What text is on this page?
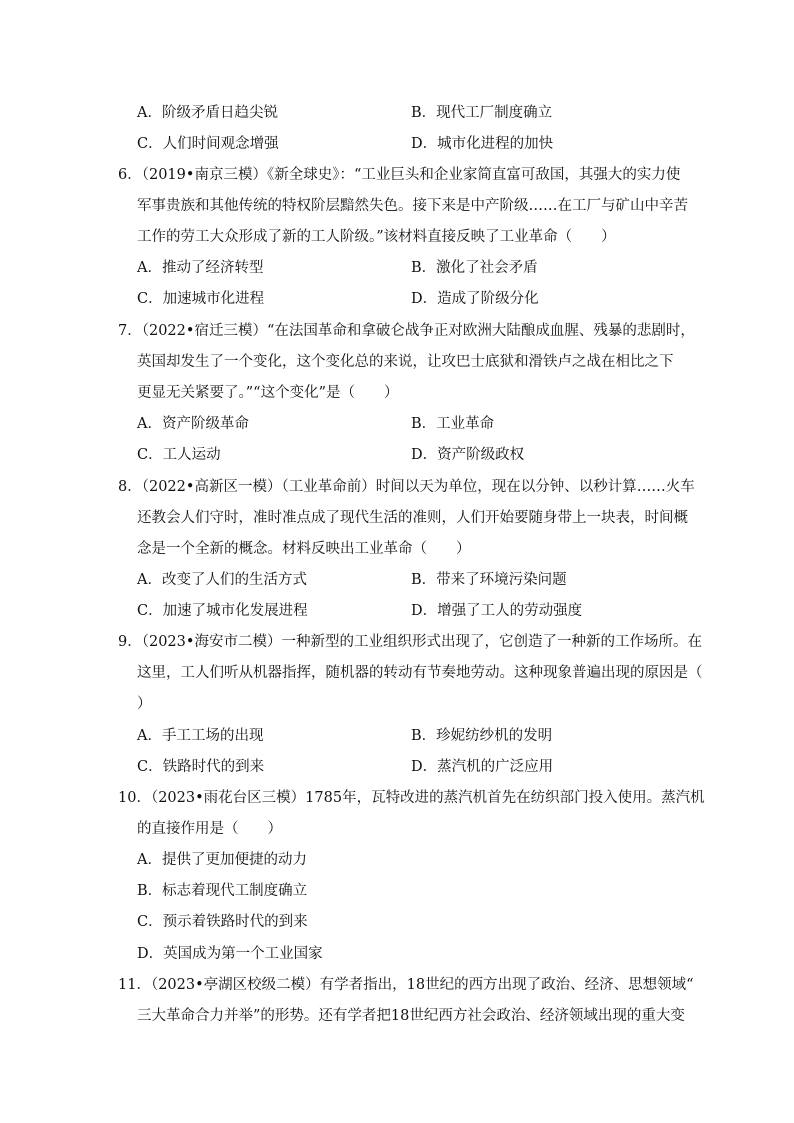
A．阶级矛盾日趋尖锐	B．现代工厂制度确立
C．人们时间观念增强	D．城市化进程的加快
6．（2019•南京三模）《新全球史》：“工业巨头和企业家简直富可敌国，其强大的实力使
军事贵族和其他传统的特权阶层黯然失色。接下来是中产阶级……在工厂与矿山中辛苦
工作的劳工大众形成了新的工人阶级。”该材料直接反映了工业革命（　　）
A．推动了经济转型	B．激化了社会矛盾
C．加速城市化进程	D．造成了阶级分化
7．（2022•宿迁三模）“在法国革命和拿破仑战争正对欧洲大陆酿成血腥、残暴的悲剧时，
英国却发生了一个变化，这个变化总的来说，让攻巴士底狱和滑铁卢之战在相比之下
更显无关紧要了。”“这个变化”是（　　）
A．资产阶级革命	B．工业革命
C．工人运动	D．资产阶级政权
8．（2022•高新区一模）（工业革命前）时间以天为单位，现在以分钟、以秒计算……火车
还教会人们守时，准时准点成了现代生活的准则，人们开始要随身带上一块表，时间概
念是一个全新的概念。材料反映出工业革命（　　）
A．改变了人们的生活方式	B．带来了环境污染问题
C．加速了城市化发展进程	D．增强了工人的劳动强度
9．（2023•海安市二模）一种新型的工业组织形式出现了，它创造了一种新的工作场所。在
这里，工人们听从机器指挥，随机器的转动有节奏地劳动。这种现象普遍出现的原因是（
）
A．手工工场的出现	B．珍妮纺纱机的发明
C．铁路时代的到来	D．蒸汽机的广泛应用
10．（2023•雨花台区三模）1785年，瓦特改进的蒸汽机首先在纺织部门投入使用。蒸汽机
的直接作用是（　　）
A．提供了更加便捷的动力
B．标志着现代工制度确立
C．预示着铁路时代的到来
D．英国成为第一个工业国家
11．（2023•亭湖区校级二模）有学者指出，18世纪的西方出现了政治、经济、思想领域“
三大革命合力并举”的形势。还有学者把18世纪西方社会政治、经济领域出现的重大变
